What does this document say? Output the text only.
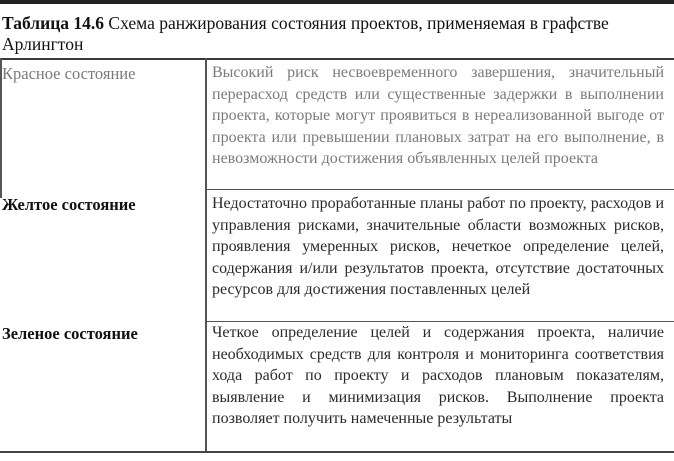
Таблица 14.6 Схема ранжирования состояния проектов, применяемая в графстве Арлингтон

Красное состояние	Высокий риск несвоевременного завершения, значительный перерасход средств или существенные задержки в выполнении проекта, которые могут проявиться в нереализованной выгоде от проекта или превышении плановых затрат на его выполнение, в невозможности достижения объявленных целей проекта

Желтое состояние	Недостаточно проработанные планы работ по проекту, расходов и управления рисками, значительные области возможных рисков, проявления умеренных рисков, нечеткое определение целей, содержания и/или результатов проекта, отсутствие достаточных ресурсов для достижения поставленных целей

Зеленое состояние	Четкое определение целей и содержания проекта, наличие необходимых средств для контроля и мониторинга соответствия хода работ по проекту и расходов плановым показателям, выявление и минимизация рисков. Выполнение проекта позволяет получить намеченные результаты
